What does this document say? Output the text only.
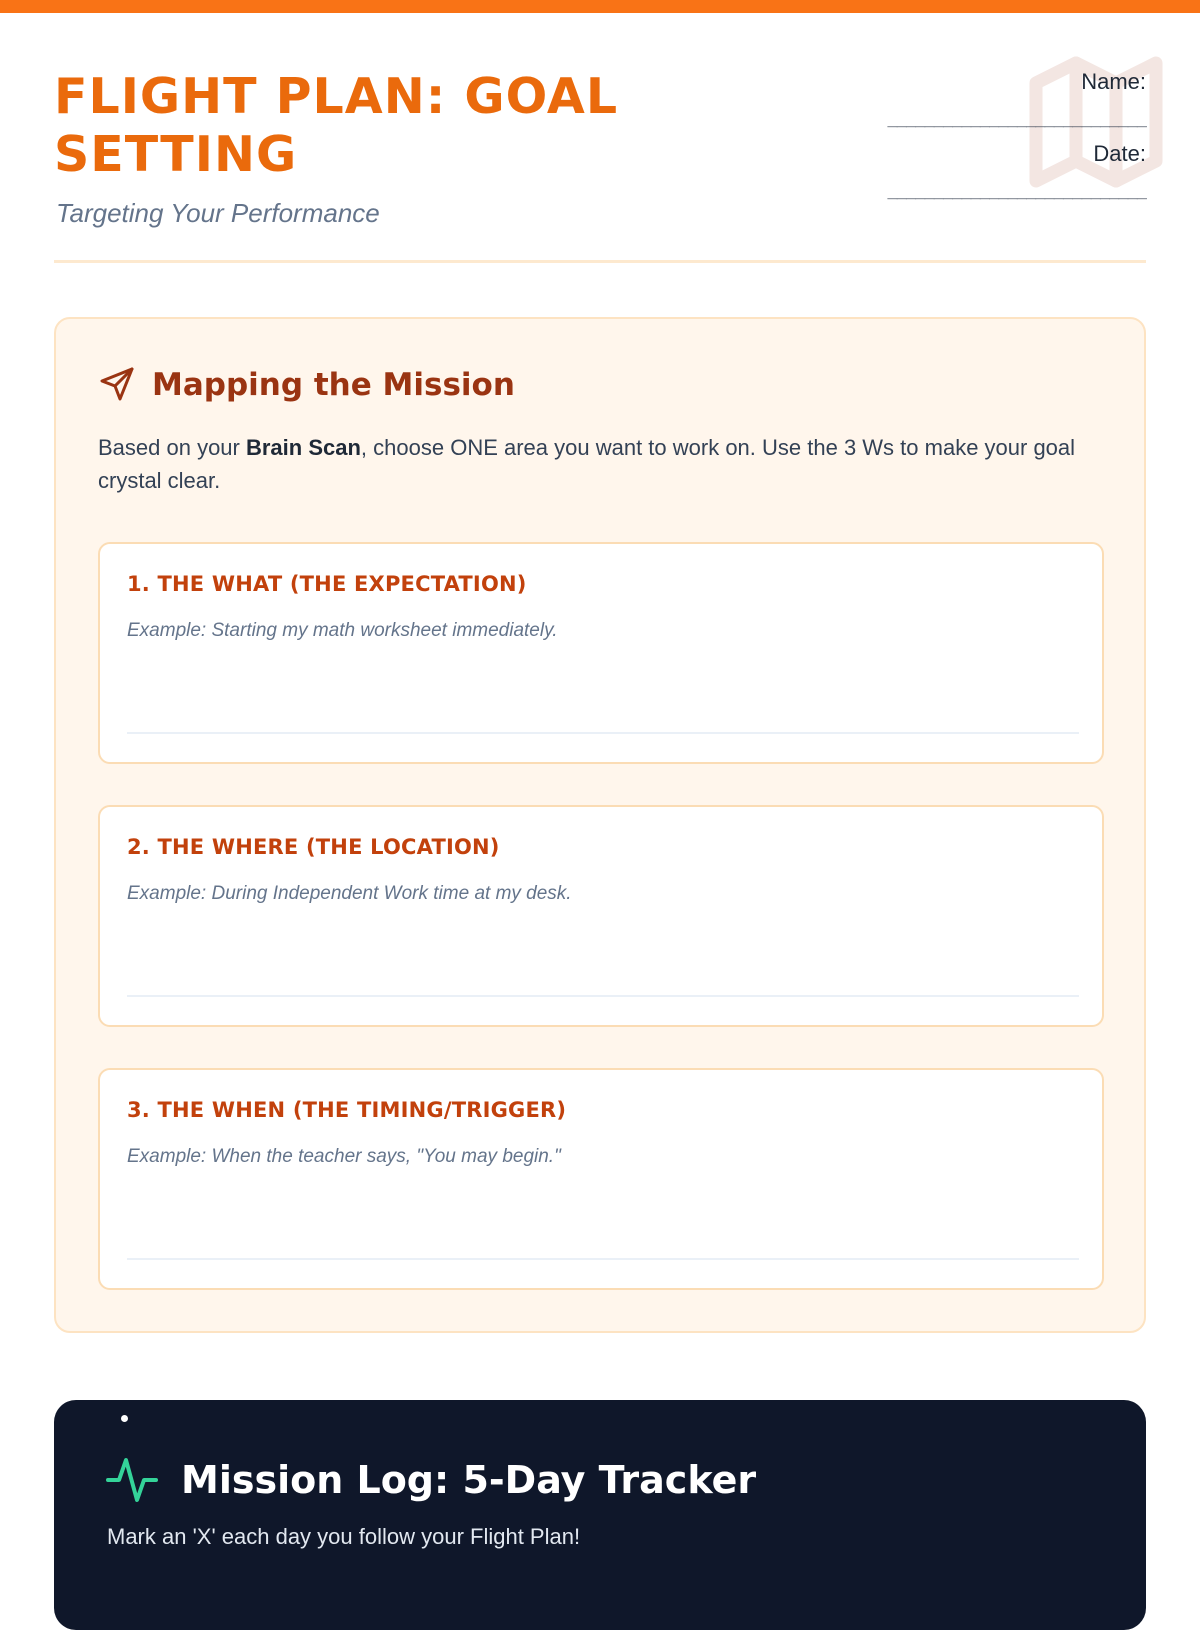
FLIGHT PLAN: GOAL SETTING
Targeting Your Performance
Name:
____________________________
Date:
____________________________
Mapping the Mission

Based on your Brain Scan, choose ONE area you want to work on. Use the 3 Ws to make your goal crystal clear.

1. THE WHAT (THE EXPECTATION)
Example: Starting my math worksheet immediately.
2. THE WHERE (THE LOCATION)
Example: During Independent Work time at my desk.
3. THE WHEN (THE TIMING/TRIGGER)
Example: When the teacher says, "You may begin."
Mission Log: 5-Day Tracker
Mark an 'X' each day you follow your Flight Plan!
